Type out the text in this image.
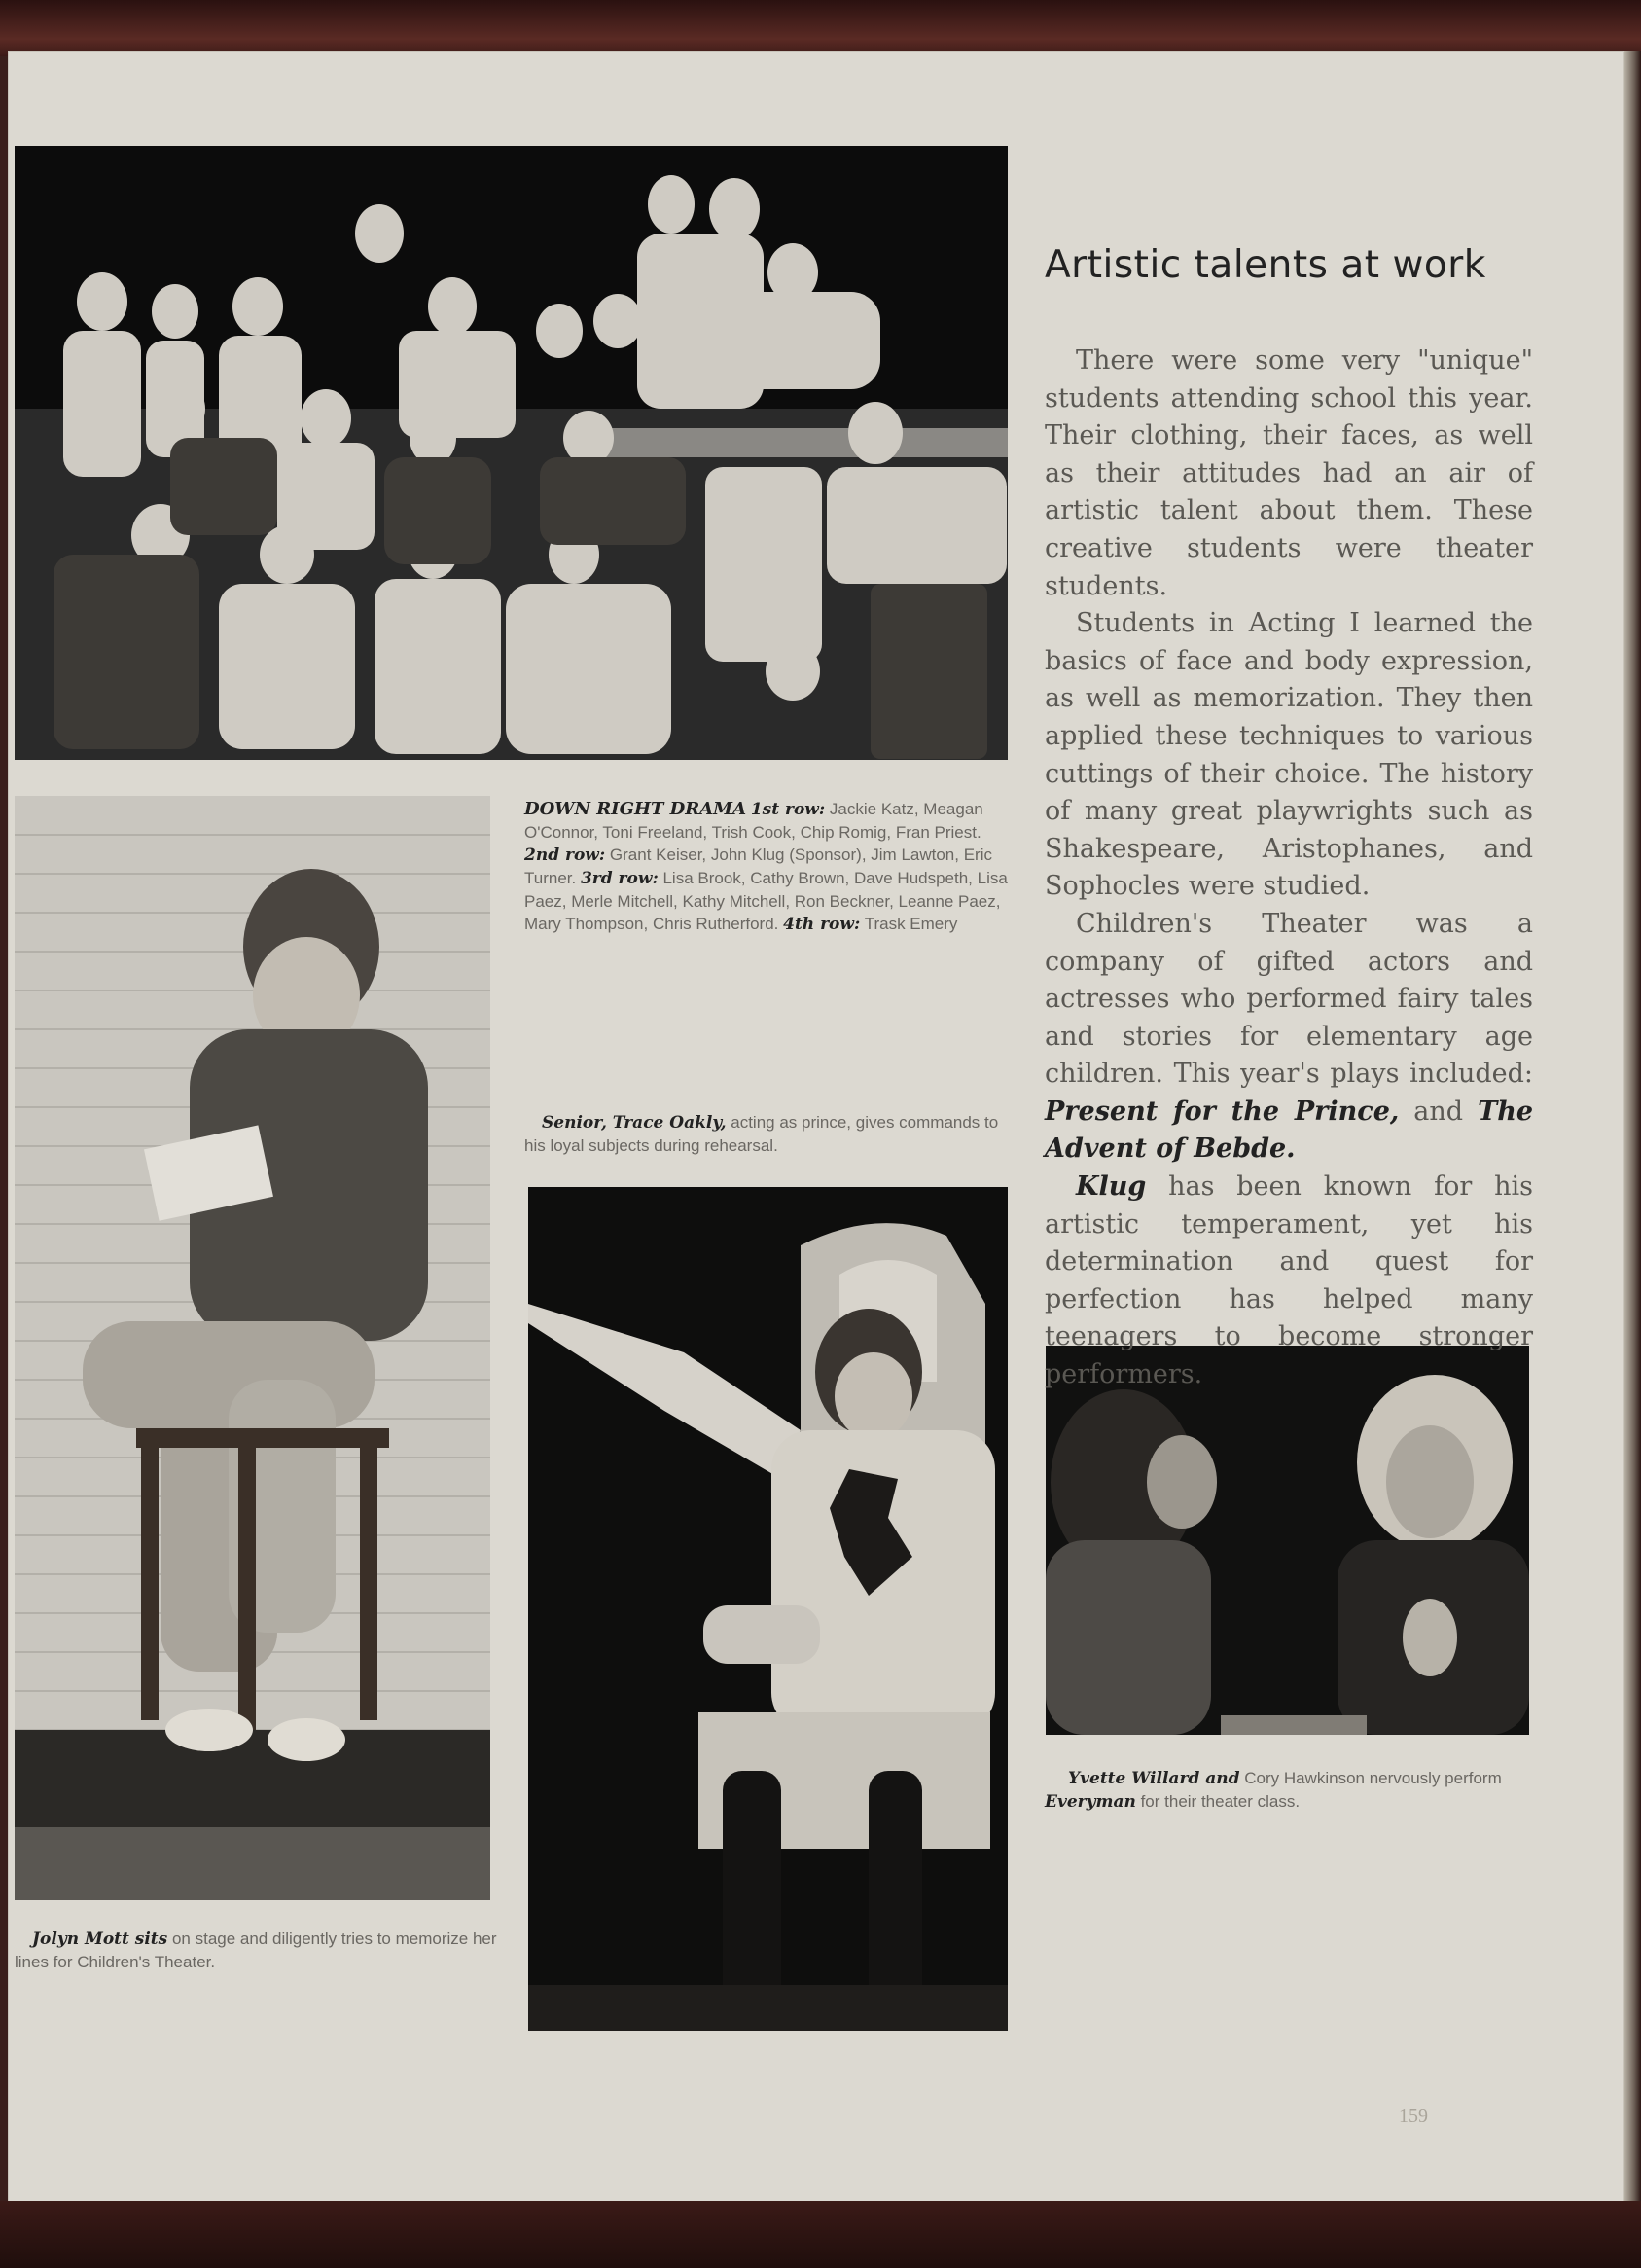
DOWN RIGHT DRAMA 1st row: Jackie Katz, Meagan O'Connor, Toni Freeland, Trish Cook, Chip Romig, Fran Priest. 2nd row: Grant Keiser, John Klug (Sponsor), Jim Lawton, Eric Turner. 3rd row: Lisa Brook, Cathy Brown, Dave Hudspeth, Lisa Paez, Merle Mitchell, Kathy Mitchell, Ron Beckner, Leanne Paez, Mary Thompson, Chris Rutherford. 4th row: Trask Emery
Senior, Trace Oakly, acting as prince, gives commands to his loyal subjects during rehearsal.
Jolyn Mott sits on stage and diligently tries to memorize her lines for Children's Theater.
Yvette Willard and Cory Hawkinson nervously perform Everyman for their theater class.
Artistic talents at work

There were some very "unique" students attending school this year. Their clothing, their faces, as well as their attitudes had an air of artistic talent about them. These creative students were theater students.

Students in Acting I learned the basics of face and body expression, as well as memorization. They then applied these techniques to various cuttings of their choice. The history of many great playwrights such as Shakespeare, Aristophanes, and Sophocles were studied.

Children's Theater was a company of gifted actors and actresses who performed fairy tales and stories for elementary age children. This year's plays included: Present for the Prince, and The Advent of Bebde.

Klug has been known for his artistic temperament, yet his determination and quest for perfection has helped many teenagers to become stronger performers.

159
